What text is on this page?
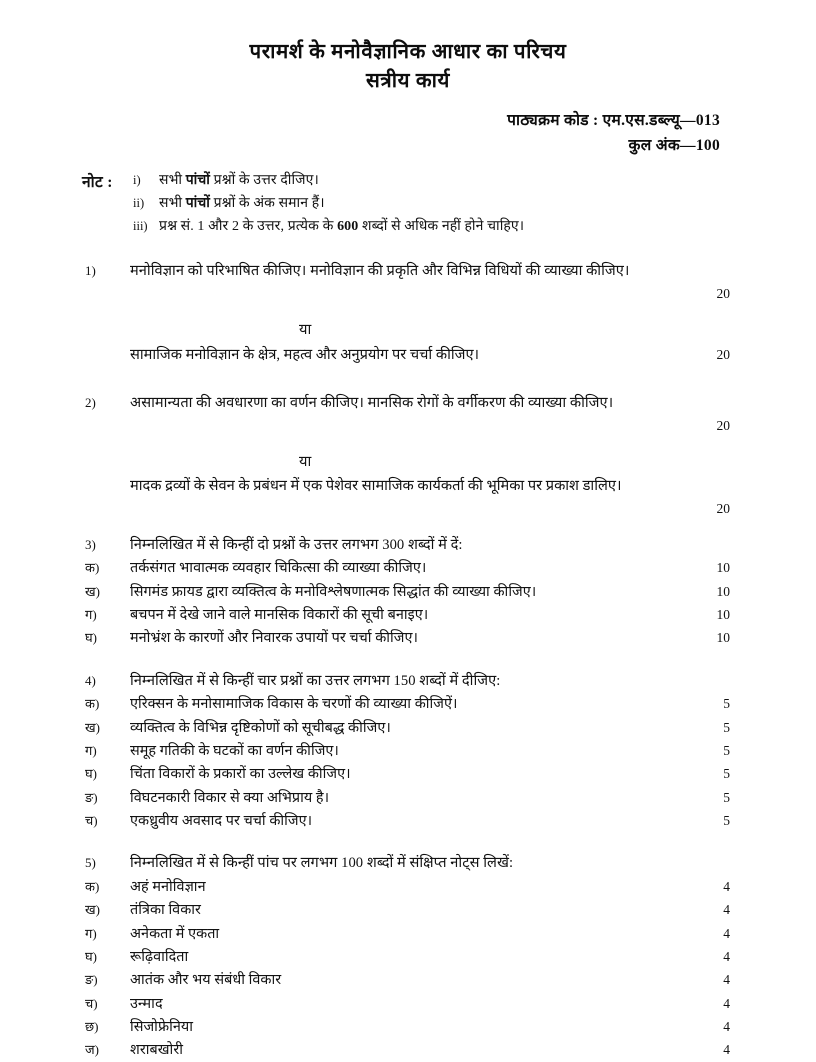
परामर्श के मनोवैज्ञानिक आधार का परिचय
सत्रीय कार्य
पाठ्यक्रम कोड : एम.एस.डब्ल्यू—013
कुल अंक—100
नोट : i)	सभी पांचों प्रश्नों के उत्तर दीजिए।
ii)	सभी पांचों प्रश्नों के अंक समान हैं।
iii) प्रश्न सं. 1 और 2 के उत्तर, प्रत्येक के 600 शब्दों से अधिक नहीं होने चाहिए।
1)	मनोविज्ञान को परिभाषित कीजिए। मनोविज्ञान की प्रकृति और विभिन्न विधियों की व्याख्या कीजिए।
20
या
सामाजिक मनोविज्ञान के क्षेत्र, महत्व और अनुप्रयोग पर चर्चा कीजिए।	20
2)	असामान्यता की अवधारणा का वर्णन कीजिए। मानसिक रोगों के वर्गीकरण की व्याख्या कीजिए।
20
या
मादक द्रव्यों के सेवन के प्रबंधन में एक पेशेवर सामाजिक कार्यकर्ता की भूमिका पर प्रकाश डालिए।
20
3)	निम्नलिखित में से किन्हीं दो प्रश्नों के उत्तर लगभग 300 शब्दों में दें:
क)	तर्कसंगत भावात्मक व्यवहार चिकित्सा की व्याख्या कीजिए।	10
ख)	सिगमंड फ्रायड द्वारा व्यक्तित्व के मनोविश्लेषणात्मक सिद्धांत की व्याख्या कीजिए।	10
ग)	बचपन में देखे जाने वाले मानसिक विकारों की सूची बनाइए।	10
घ)	मनोभ्रंश के कारणों और निवारक उपायों पर चर्चा कीजिए।	10
4)	निम्नलिखित में से किन्हीं चार प्रश्नों का उत्तर लगभग 150 शब्दों में दीजिए:
क)	एरिक्सन के मनोसामाजिक विकास के चरणों की व्याख्या कीजिऐं।	5
ख)	व्यक्तित्व के विभिन्न दृष्टिकोणों को सूचीबद्ध कीजिए।	5
ग)	समूह गतिकी के घटकों का वर्णन कीजिए।	5
घ)	चिंता विकारों के प्रकारों का उल्लेख कीजिए।	5
ङ)	विघटनकारी विकार से क्या अभिप्राय है।	5
च)	एकध्रुवीय अवसाद पर चर्चा कीजिए।	5
5)	निम्नलिखित में से किन्हीं पांच पर लगभग 100 शब्दों में संक्षिप्त नोट्स लिखें:
क)	अहं मनोविज्ञान	4
ख)	तंत्रिका विकार	4
ग)	अनेकता में एकता	4
घ)	रूढ़िवादिता	4
ङ)	आतंक और भय संबंधी विकार	4
च)	उन्माद	4
छ)	सिजोफ्रेनिया	4
ज)	शराबखोरी	4
